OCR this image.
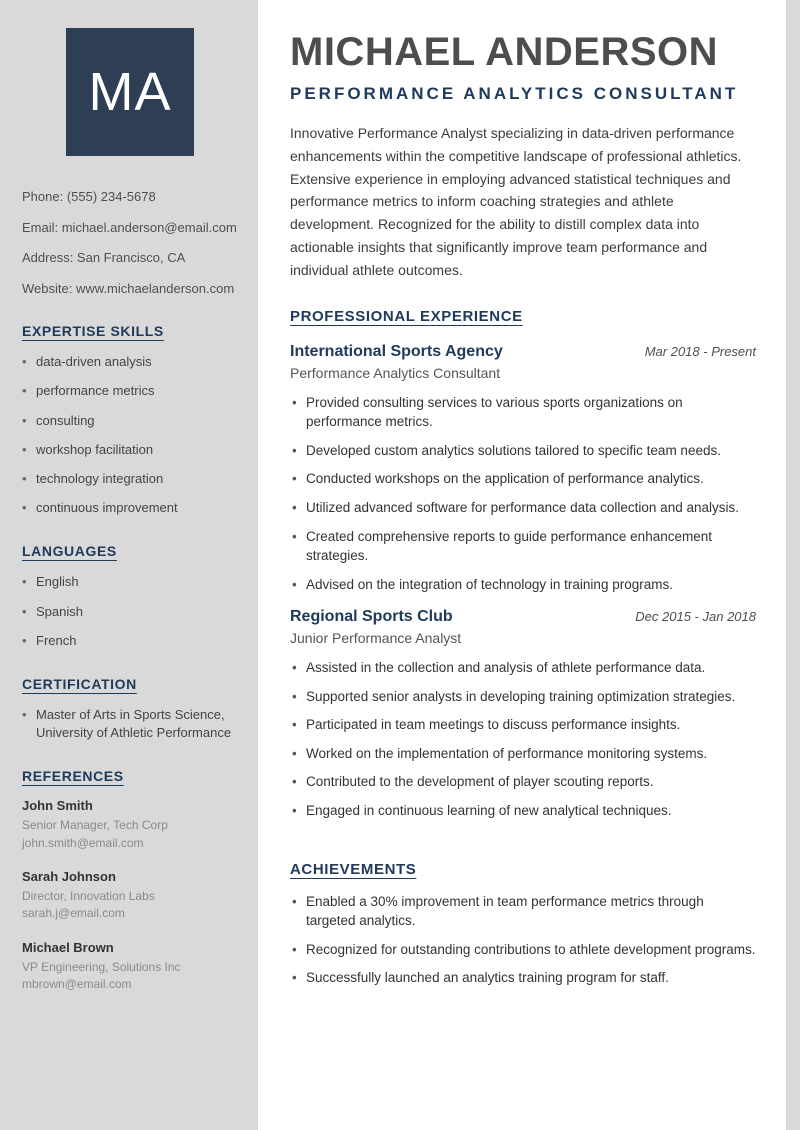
MA
Phone: (555) 234-5678
Email: michael.anderson@email.com
Address: San Francisco, CA
Website: www.michaelanderson.com
EXPERTISE SKILLS
• data-driven analysis
• performance metrics
• consulting
• workshop facilitation
• technology integration
• continuous improvement
LANGUAGES
• English
• Spanish
• French
CERTIFICATION
• Master of Arts in Sports Science, University of Athletic Performance
REFERENCES
John Smith
Senior Manager, Tech Corp
john.smith@email.com
Sarah Johnson
Director, Innovation Labs
sarah.j@email.com
Michael Brown
VP Engineering, Solutions Inc
mbrown@email.com
MICHAEL ANDERSON
PERFORMANCE ANALYTICS CONSULTANT

Innovative Performance Analyst specializing in data-driven performance enhancements within the competitive landscape of professional athletics. Extensive experience in employing advanced statistical techniques and performance metrics to inform coaching strategies and athlete development. Recognized for the ability to distill complex data into actionable insights that significantly improve team performance and individual athlete outcomes.

PROFESSIONAL EXPERIENCE
International Sports Agency	Mar 2018 - Present
Performance Analytics Consultant
• Provided consulting services to various sports organizations on performance metrics.
• Developed custom analytics solutions tailored to specific team needs.
• Conducted workshops on the application of performance analytics.
• Utilized advanced software for performance data collection and analysis.
• Created comprehensive reports to guide performance enhancement strategies.
• Advised on the integration of technology in training programs.
Regional Sports Club	Dec 2015 - Jan 2018
Junior Performance Analyst
• Assisted in the collection and analysis of athlete performance data.
• Supported senior analysts in developing training optimization strategies.
• Participated in team meetings to discuss performance insights.
• Worked on the implementation of performance monitoring systems.
• Contributed to the development of player scouting reports.
• Engaged in continuous learning of new analytical techniques.
ACHIEVEMENTS
• Enabled a 30% improvement in team performance metrics through targeted analytics.
• Recognized for outstanding contributions to athlete development programs.
• Successfully launched an analytics training program for staff.
